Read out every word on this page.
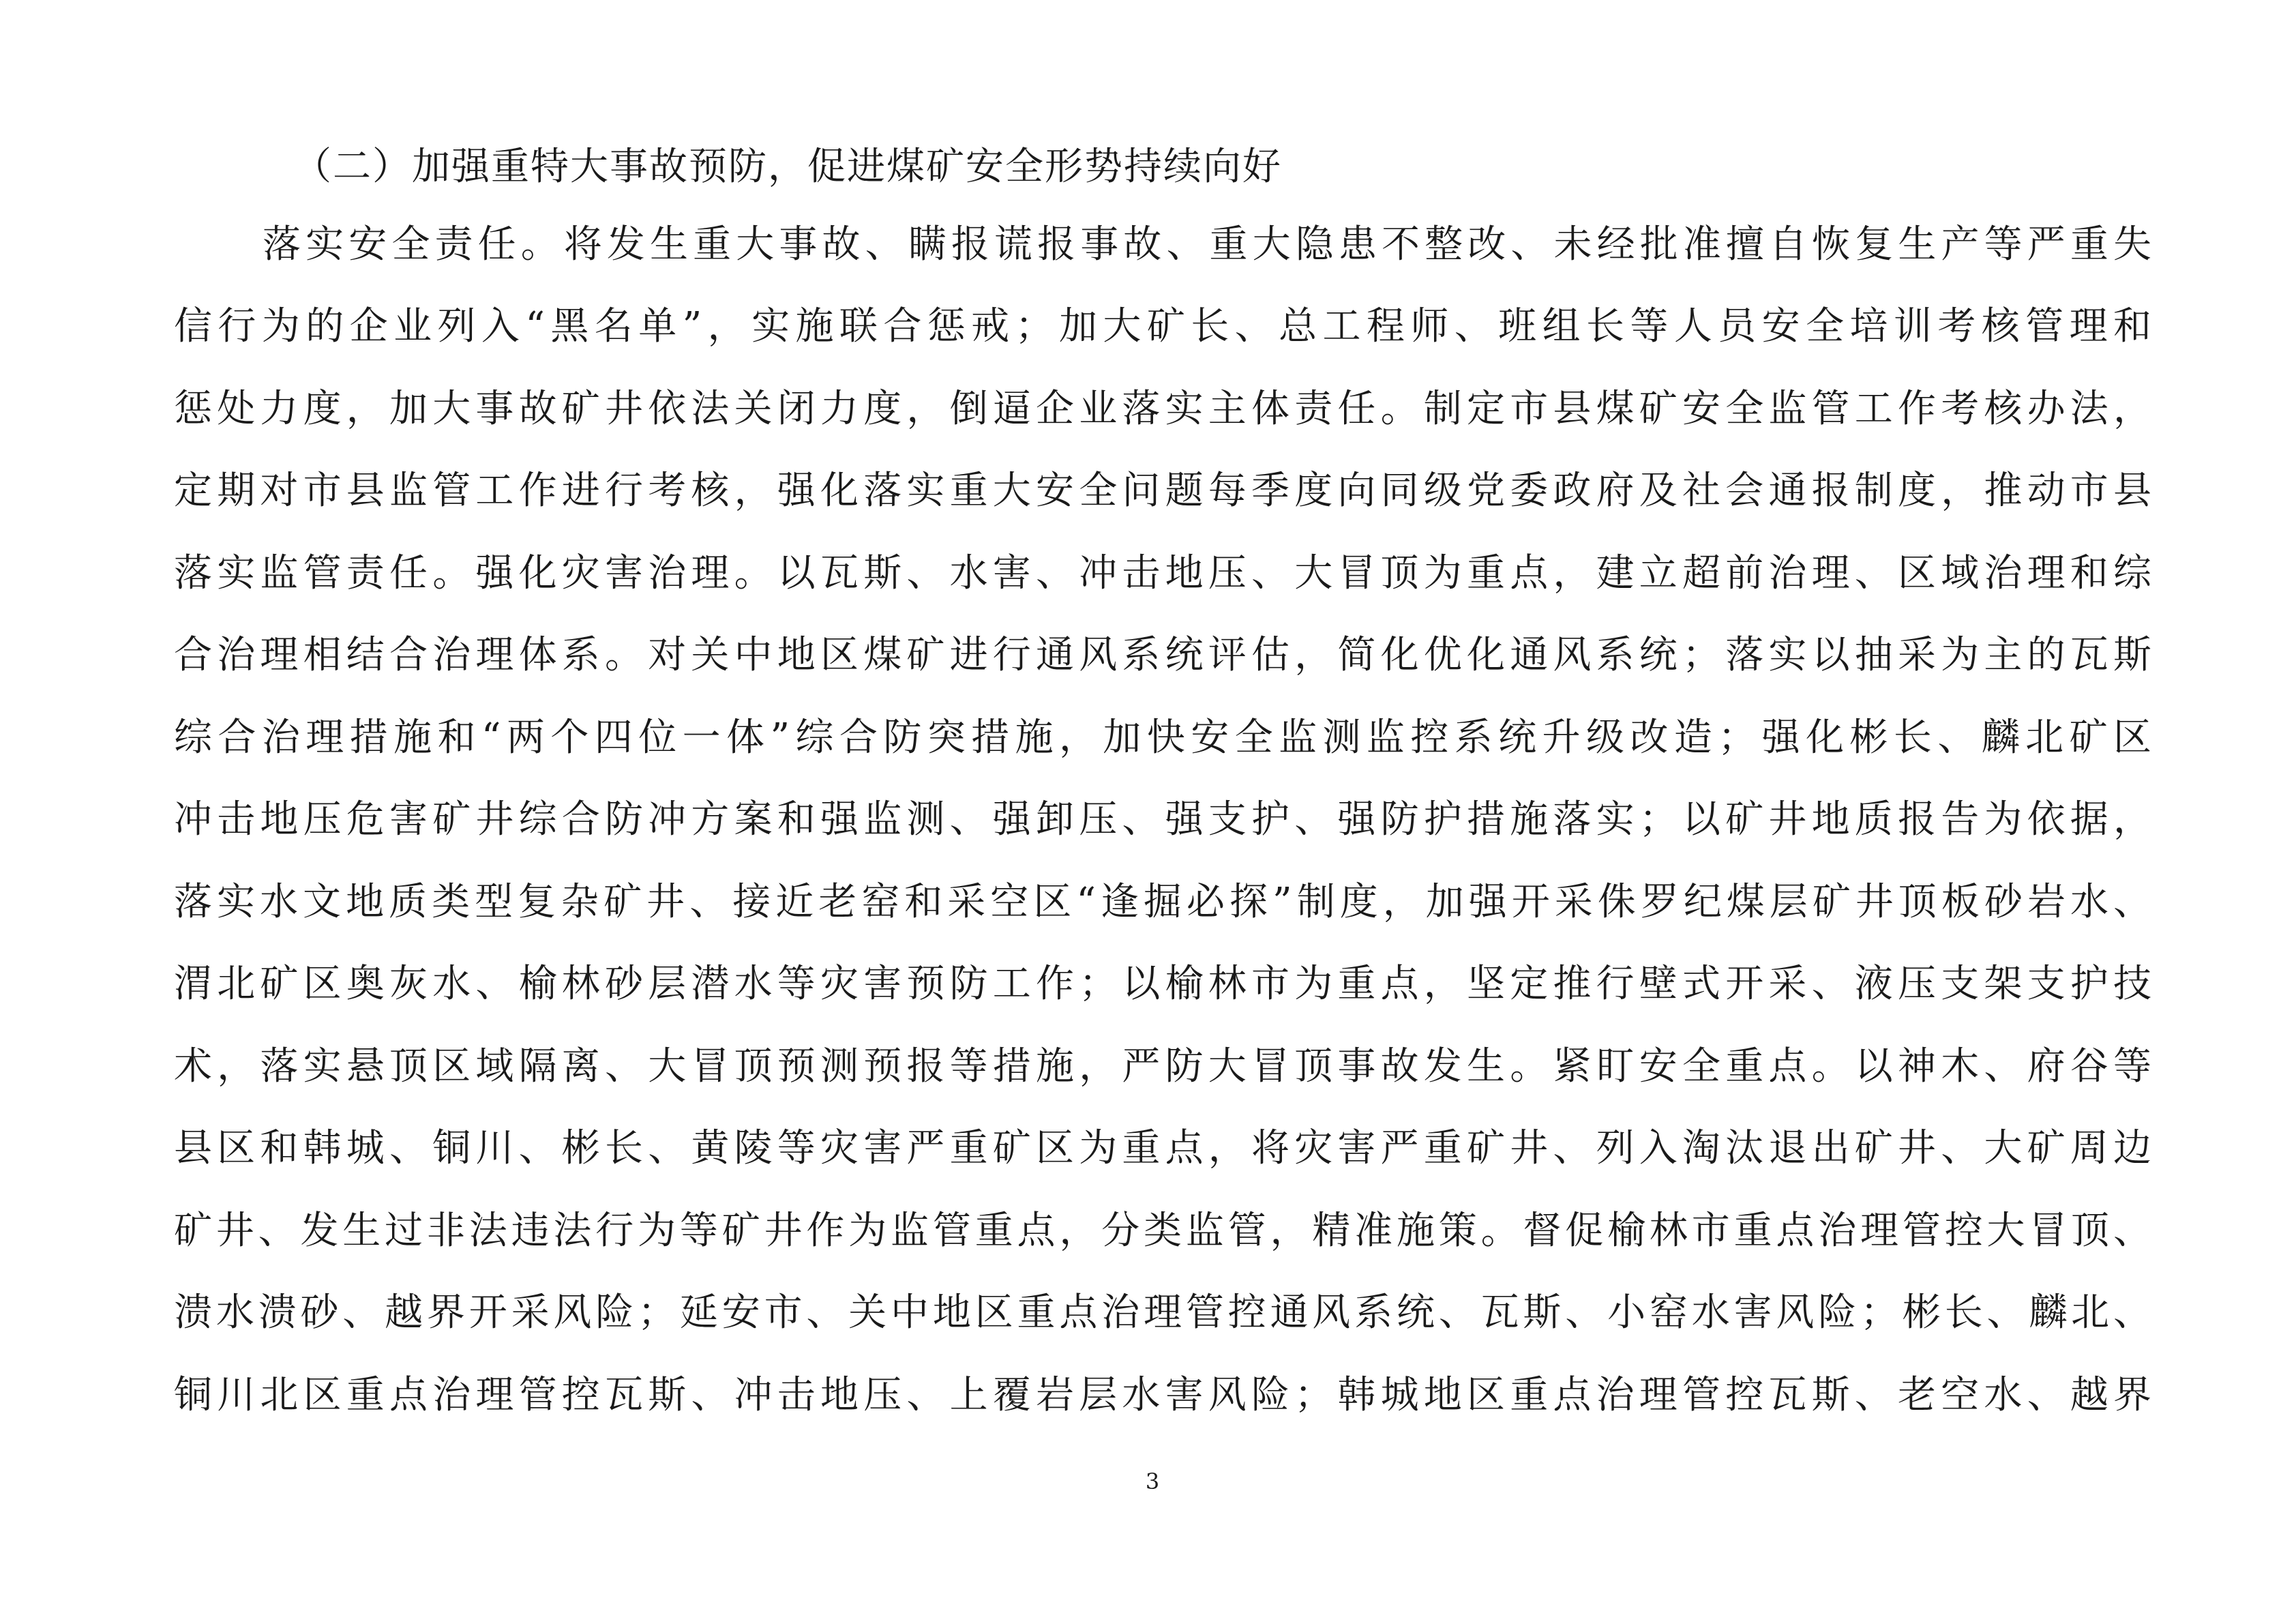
（二）加强重特大事故预防，促进煤矿安全形势持续向好
落实安全责任。将发生重大事故、瞒报谎报事故、重大隐患不整改、未经批准擅自恢复生产等严重失
信行为的企业列入“黑名单”，实施联合惩戒；加大矿长、总工程师、班组长等人员安全培训考核管理和
惩处力度，加大事故矿井依法关闭力度，倒逼企业落实主体责任。制定市县煤矿安全监管工作考核办法，
定期对市县监管工作进行考核，强化落实重大安全问题每季度向同级党委政府及社会通报制度，推动市县
落实监管责任。强化灾害治理。以瓦斯、水害、冲击地压、大冒顶为重点，建立超前治理、区域治理和综
合治理相结合治理体系。对关中地区煤矿进行通风系统评估，简化优化通风系统；落实以抽采为主的瓦斯
综合治理措施和“两个四位一体”综合防突措施，加快安全监测监控系统升级改造；强化彬长、麟北矿区
冲击地压危害矿井综合防冲方案和强监测、强卸压、强支护、强防护措施落实；以矿井地质报告为依据，
落实水文地质类型复杂矿井、接近老窑和采空区“逢掘必探”制度，加强开采侏罗纪煤层矿井顶板砂岩水、
渭北矿区奥灰水、榆林砂层潜水等灾害预防工作；以榆林市为重点，坚定推行壁式开采、液压支架支护技
术，落实悬顶区域隔离、大冒顶预测预报等措施，严防大冒顶事故发生。紧盯安全重点。以神木、府谷等
县区和韩城、铜川、彬长、黄陵等灾害严重矿区为重点，将灾害严重矿井、列入淘汰退出矿井、大矿周边
矿井、发生过非法违法行为等矿井作为监管重点，分类监管，精准施策。督促榆林市重点治理管控大冒顶、
溃水溃砂、越界开采风险；延安市、关中地区重点治理管控通风系统、瓦斯、小窑水害风险；彬长、麟北、
铜川北区重点治理管控瓦斯、冲击地压、上覆岩层水害风险；韩城地区重点治理管控瓦斯、老空水、越界
3
